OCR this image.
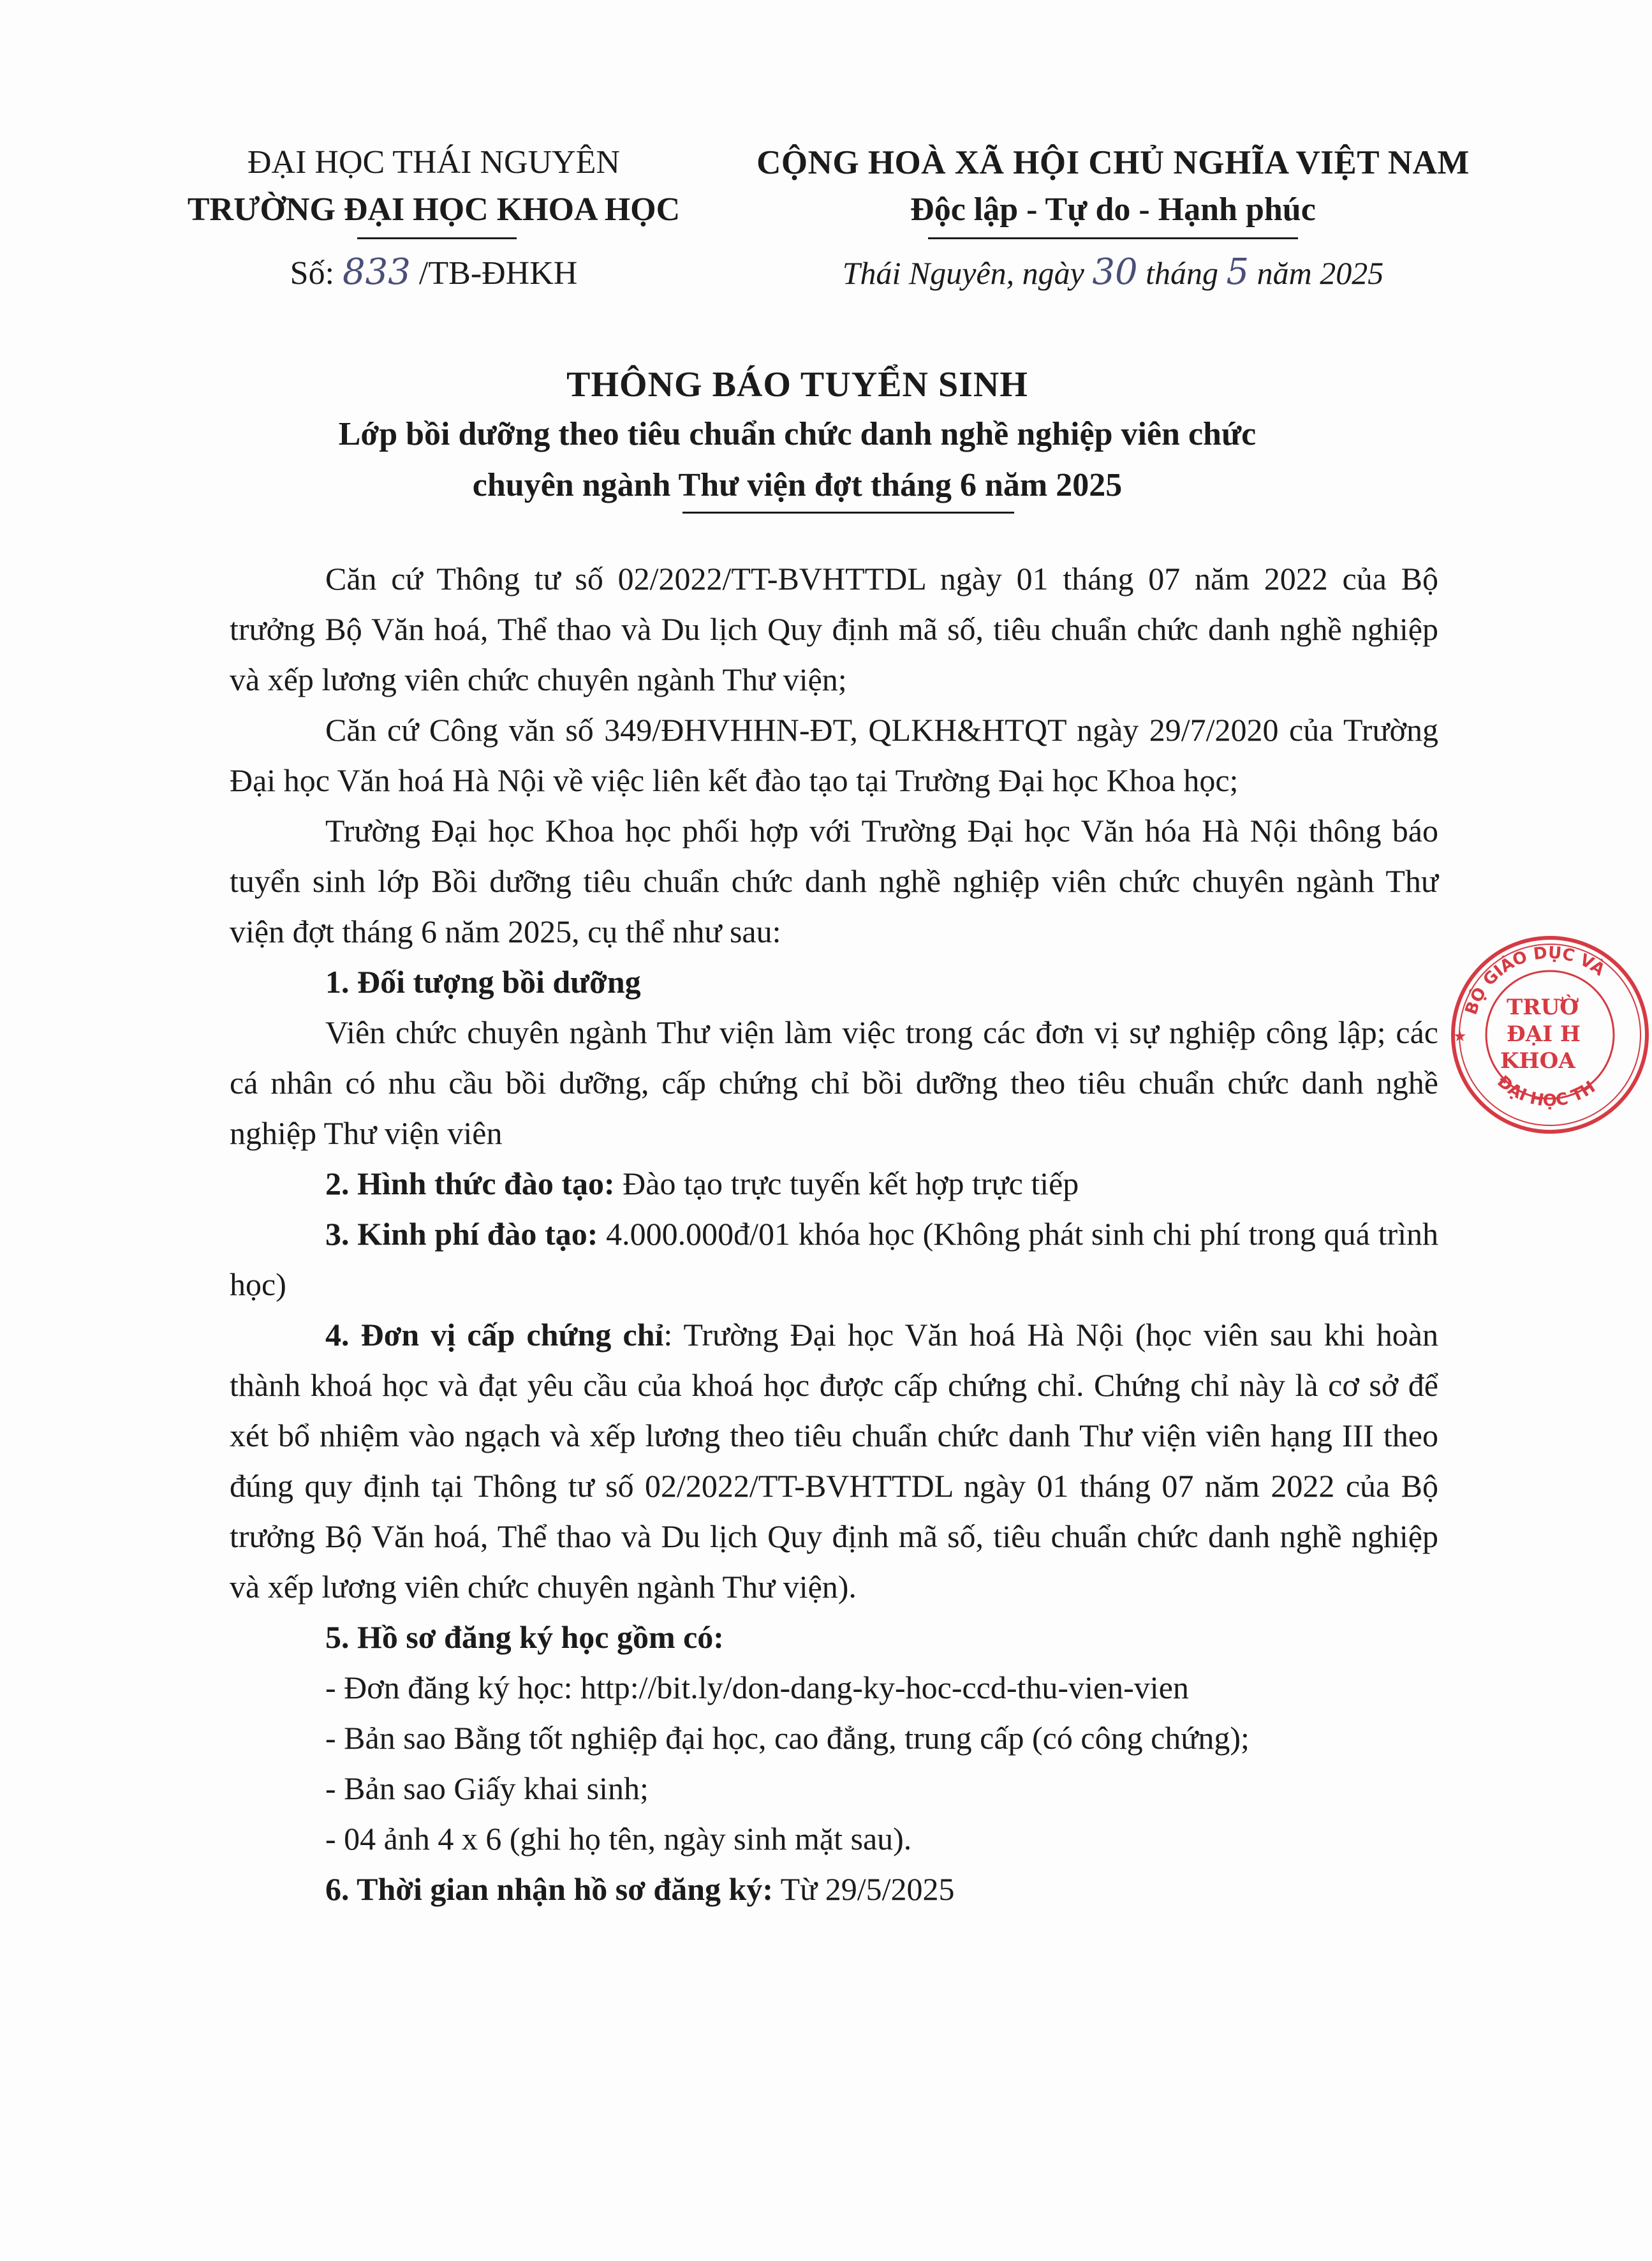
ĐẠI HỌC THÁI NGUYÊN
TRƯỜNG ĐẠI HỌC KHOA HỌC
Số: 833 /TB-ĐHKH
CỘNG HOÀ XÃ HỘI CHỦ NGHĨA VIỆT NAM
Độc lập - Tự do - Hạnh phúc
Thái Nguyên, ngày 30 tháng 5 năm 2025
THÔNG BÁO TUYỂN SINH
Lớp bồi dưỡng theo tiêu chuẩn chức danh nghề nghiệp viên chức
chuyên ngành Thư viện đợt tháng 6 năm 2025

Căn cứ Thông tư số 02/2022/TT-BVHTTDL ngày 01 tháng 07 năm 2022 của Bộ trưởng Bộ Văn hoá, Thể thao và Du lịch Quy định mã số, tiêu chuẩn chức danh nghề nghiệp và xếp lương viên chức chuyên ngành Thư viện;

Căn cứ Công văn số 349/ĐHVHHN-ĐT, QLKH&HTQT ngày 29/7/2020 của Trường Đại học Văn hoá Hà Nội về việc liên kết đào tạo tại Trường Đại học Khoa học;

Trường Đại học Khoa học phối hợp với Trường Đại học Văn hóa Hà Nội thông báo tuyển sinh lớp Bồi dưỡng tiêu chuẩn chức danh nghề nghiệp viên chức chuyên ngành Thư viện đợt tháng 6 năm 2025, cụ thể như sau:

1. Đối tượng bồi dưỡng

Viên chức chuyên ngành Thư viện làm việc trong các đơn vị sự nghiệp công lập; các cá nhân có nhu cầu bồi dưỡng, cấp chứng chỉ bồi dưỡng theo tiêu chuẩn chức danh nghề nghiệp Thư viện viên

2. Hình thức đào tạo: Đào tạo trực tuyến kết hợp trực tiếp

3. Kinh phí đào tạo: 4.000.000đ/01 khóa học (Không phát sinh chi phí trong quá trình học)

4. Đơn vị cấp chứng chỉ: Trường Đại học Văn hoá Hà Nội (học viên sau khi hoàn thành khoá học và đạt yêu cầu của khoá học được cấp chứng chỉ. Chứng chỉ này là cơ sở để xét bổ nhiệm vào ngạch và xếp lương theo tiêu chuẩn chức danh Thư viện viên hạng III theo đúng quy định tại Thông tư số 02/2022/TT-BVHTTDL ngày 01 tháng 07 năm 2022 của Bộ trưởng Bộ Văn hoá, Thể thao và Du lịch Quy định mã số, tiêu chuẩn chức danh nghề nghiệp và xếp lương viên chức chuyên ngành Thư viện).

5. Hồ sơ đăng ký học gồm có:

- Đơn đăng ký học: http://bit.ly/don-dang-ky-hoc-ccd-thu-vien-vien

- Bản sao Bằng tốt nghiệp đại học, cao đẳng, trung cấp (có công chứng);

- Bản sao Giấy khai sinh;

- 04 ảnh 4 x 6 (ghi họ tên, ngày sinh mặt sau).

6. Thời gian nhận hồ sơ đăng ký: Từ 29/5/2025

BỘ GIÁO DỤC VÀ
ĐẠI HỌC TH
★
TRƯỜ
ĐẠI H
KHOA
